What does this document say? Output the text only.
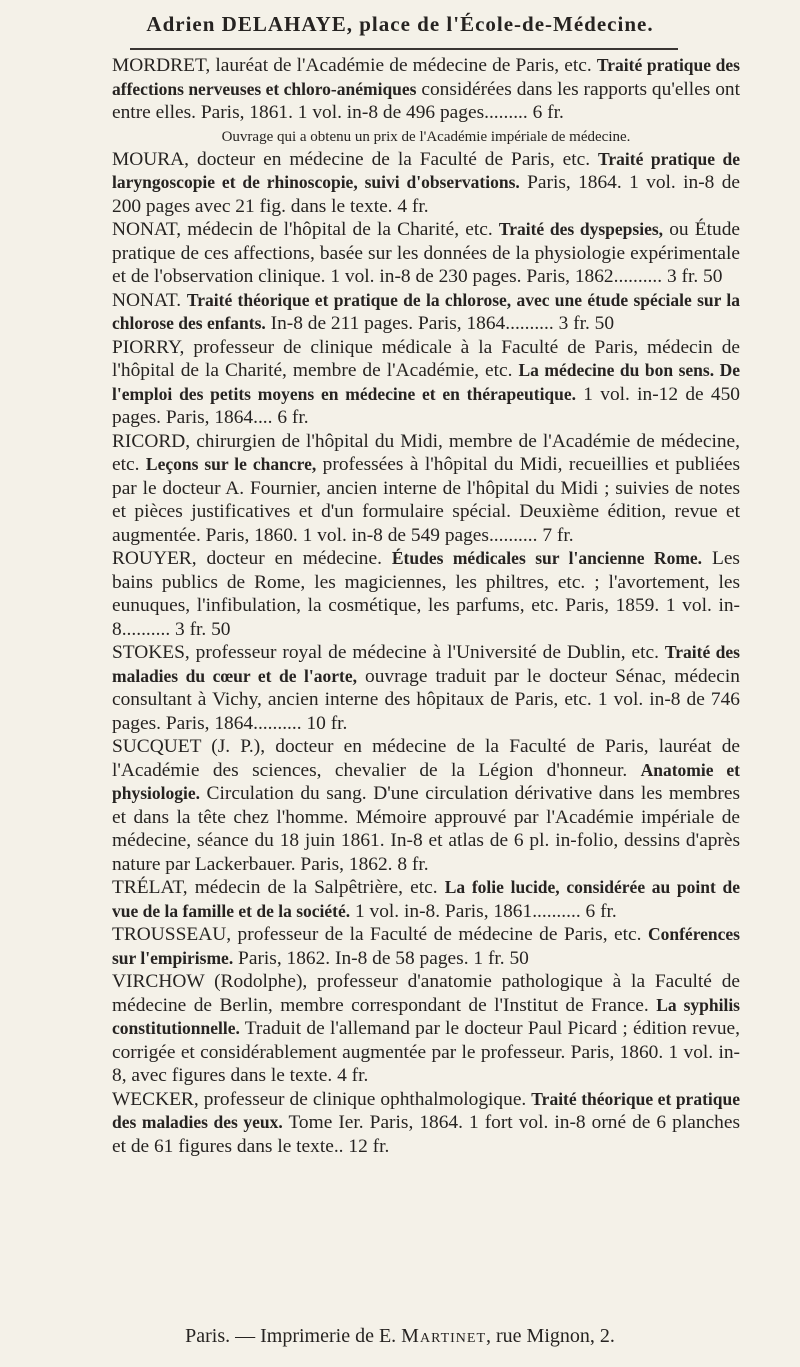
Adrien DELAHAYE, place de l'École-de-Médecine.

MORDRET, lauréat de l'Académie de médecine de Paris, etc. Traité pratique des affections nerveuses et chloro-anémiques considérées dans les rapports qu'elles ont entre elles. Paris, 1861. 1 vol. in-8 de 496 pages......... 6 fr.

Ouvrage qui a obtenu un prix de l'Académie impériale de médecine.

MOURA, docteur en médecine de la Faculté de Paris, etc. Traité pratique de laryngoscopie et de rhinoscopie, suivi d'observations. Paris, 1864. 1 vol. in-8 de 200 pages avec 21 fig. dans le texte. 4 fr.

NONAT, médecin de l'hôpital de la Charité, etc. Traité des dyspepsies, ou Étude pratique de ces affections, basée sur les données de la physiologie expérimentale et de l'observation clinique. 1 vol. in-8 de 230 pages. Paris, 1862.......... 3 fr. 50

NONAT. Traité théorique et pratique de la chlorose, avec une étude spéciale sur la chlorose des enfants. In-8 de 211 pages. Paris, 1864.......... 3 fr. 50

PIORRY, professeur de clinique médicale à la Faculté de Paris, médecin de l'hôpital de la Charité, membre de l'Académie, etc. La médecine du bon sens. De l'emploi des petits moyens en médecine et en thérapeutique. 1 vol. in-12 de 450 pages. Paris, 1864.... 6 fr.

RICORD, chirurgien de l'hôpital du Midi, membre de l'Académie de médecine, etc. Leçons sur le chancre, professées à l'hôpital du Midi, recueillies et publiées par le docteur A. Fournier, ancien interne de l'hôpital du Midi ; suivies de notes et pièces justificatives et d'un formulaire spécial. Deuxième édition, revue et augmentée. Paris, 1860. 1 vol. in-8 de 549 pages.......... 7 fr.

ROUYER, docteur en médecine. Études médicales sur l'ancienne Rome. Les bains publics de Rome, les magiciennes, les philtres, etc. ; l'avortement, les eunuques, l'infibulation, la cosmétique, les parfums, etc. Paris, 1859. 1 vol. in-8.......... 3 fr. 50

STOKES, professeur royal de médecine à l'Université de Dublin, etc. Traité des maladies du cœur et de l'aorte, ouvrage traduit par le docteur Sénac, médecin consultant à Vichy, ancien interne des hôpitaux de Paris, etc. 1 vol. in-8 de 746 pages. Paris, 1864.......... 10 fr.

SUCQUET (J. P.), docteur en médecine de la Faculté de Paris, lauréat de l'Académie des sciences, chevalier de la Légion d'honneur. Anatomie et physiologie. Circulation du sang. D'une circulation dérivative dans les membres et dans la tête chez l'homme. Mémoire approuvé par l'Académie impériale de médecine, séance du 18 juin 1861. In-8 et atlas de 6 pl. in-folio, dessins d'après nature par Lackerbauer. Paris, 1862. 8 fr.

TRÉLAT, médecin de la Salpêtrière, etc. La folie lucide, considérée au point de vue de la famille et de la société. 1 vol. in-8. Paris, 1861.......... 6 fr.

TROUSSEAU, professeur de la Faculté de médecine de Paris, etc. Conférences sur l'empirisme. Paris, 1862. In-8 de 58 pages. 1 fr. 50

VIRCHOW (Rodolphe), professeur d'anatomie pathologique à la Faculté de médecine de Berlin, membre correspondant de l'Institut de France. La syphilis constitutionnelle. Traduit de l'allemand par le docteur Paul Picard ; édition revue, corrigée et considérablement augmentée par le professeur. Paris, 1860. 1 vol. in-8, avec figures dans le texte. 4 fr.

WECKER, professeur de clinique ophthalmologique. Traité théorique et pratique des maladies des yeux. Tome Ier. Paris, 1864. 1 fort vol. in-8 orné de 6 planches et de 61 figures dans le texte.. 12 fr.

Paris. — Imprimerie de E. Martinet, rue Mignon, 2.
